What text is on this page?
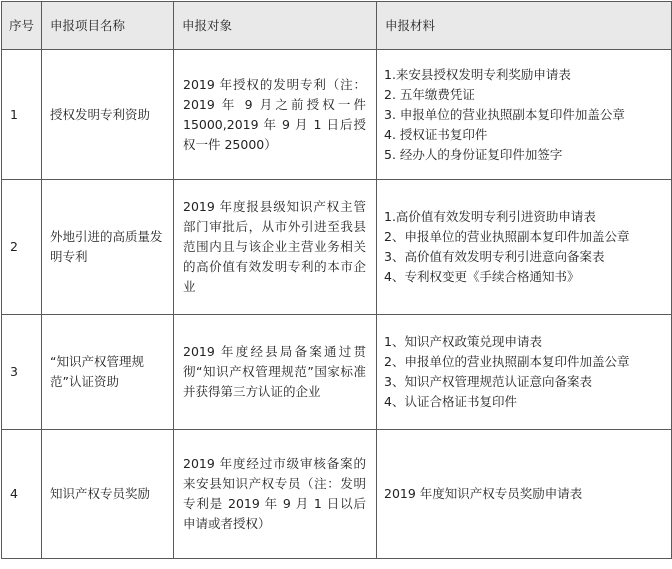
序号	申报项目名称	申报对象	申报材料
1	授权发明专利资助	2019 年授权的发明专利（注：2019 年 9 月之前授权一件 15000,2019 年 9 月 1 日后授权一件 25000）	1.来安县授权发明专利奖励申请表
2. 五年缴费凭证
3. 申报单位的营业执照副本复印件加盖公章
4. 授权证书复印件
5. 经办人的身份证复印件加签字

2	外地引进的高质量发明专利	2019 年度报县级知识产权主管部门审批后，从市外引进至我县范围内且与该企业主营业务相关的高价值有效发明专利的本市企业	1.高价值有效发明专利引进资助申请表
2、申报单位的营业执照副本复印件加盖公章
3、高价值有效发明专利引进意向备案表
4、专利权变更《手续合格通知书》

3	“知识产权管理规范”认证资助	2019 年度经县局备案通过贯彻“知识产权管理规范”国家标准并获得第三方认证的企业	1、知识产权政策兑现申请表
2、申报单位的营业执照副本复印件加盖公章
3、知识产权管理规范认证意向备案表
4、认证合格证书复印件

4	知识产权专员奖励	2019 年度经过市级审核备案的来安县知识产权专员（注：发明专利是 2019 年 9 月 1 日以后申请或者授权）	2019 年度知识产权专员奖励申请表
